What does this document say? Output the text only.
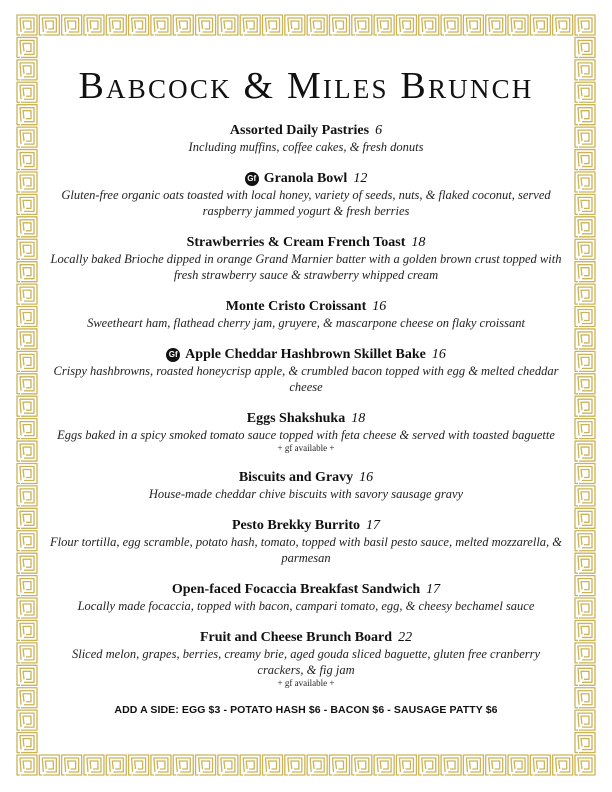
Babcock & Miles Brunch
Assorted Daily Pastries 6
Including muffins, coffee cakes, & fresh donuts
Gf Granola Bowl 12
Gluten-free organic oats toasted with local honey, variety of seeds, nuts, & flaked coconut, served raspberry jammed yogurt & fresh berries
Strawberries & Cream French Toast 18
Locally baked Brioche dipped in orange Grand Marnier batter with a golden brown crust topped with fresh strawberry sauce & strawberry whipped cream
Monte Cristo Croissant 16
Sweetheart ham, flathead cherry jam, gruyere, & mascarpone cheese on flaky croissant
Gf Apple Cheddar Hashbrown Skillet Bake 16
Crispy hashbrowns, roasted honeycrisp apple, & crumbled bacon topped with egg & melted cheddar cheese
Eggs Shakshuka 18
Eggs baked in a spicy smoked tomato sauce topped with feta cheese & served with toasted baguette
+ gf available +
Biscuits and Gravy 16
House-made cheddar chive biscuits with savory sausage gravy
Pesto Brekky Burrito 17
Flour tortilla, egg scramble, potato hash, tomato, topped with basil pesto sauce, melted mozzarella, & parmesan
Open-faced Focaccia Breakfast Sandwich 17
Locally made focaccia, topped with bacon, campari tomato, egg, & cheesy bechamel sauce
Fruit and Cheese Brunch Board 22
Sliced melon, grapes, berries, creamy brie, aged gouda sliced baguette, gluten free cranberry crackers, & fig jam
+ gf available +
ADD A SIDE: EGG $3 - POTATO HASH $6 - BACON $6 - SAUSAGE PATTY $6
